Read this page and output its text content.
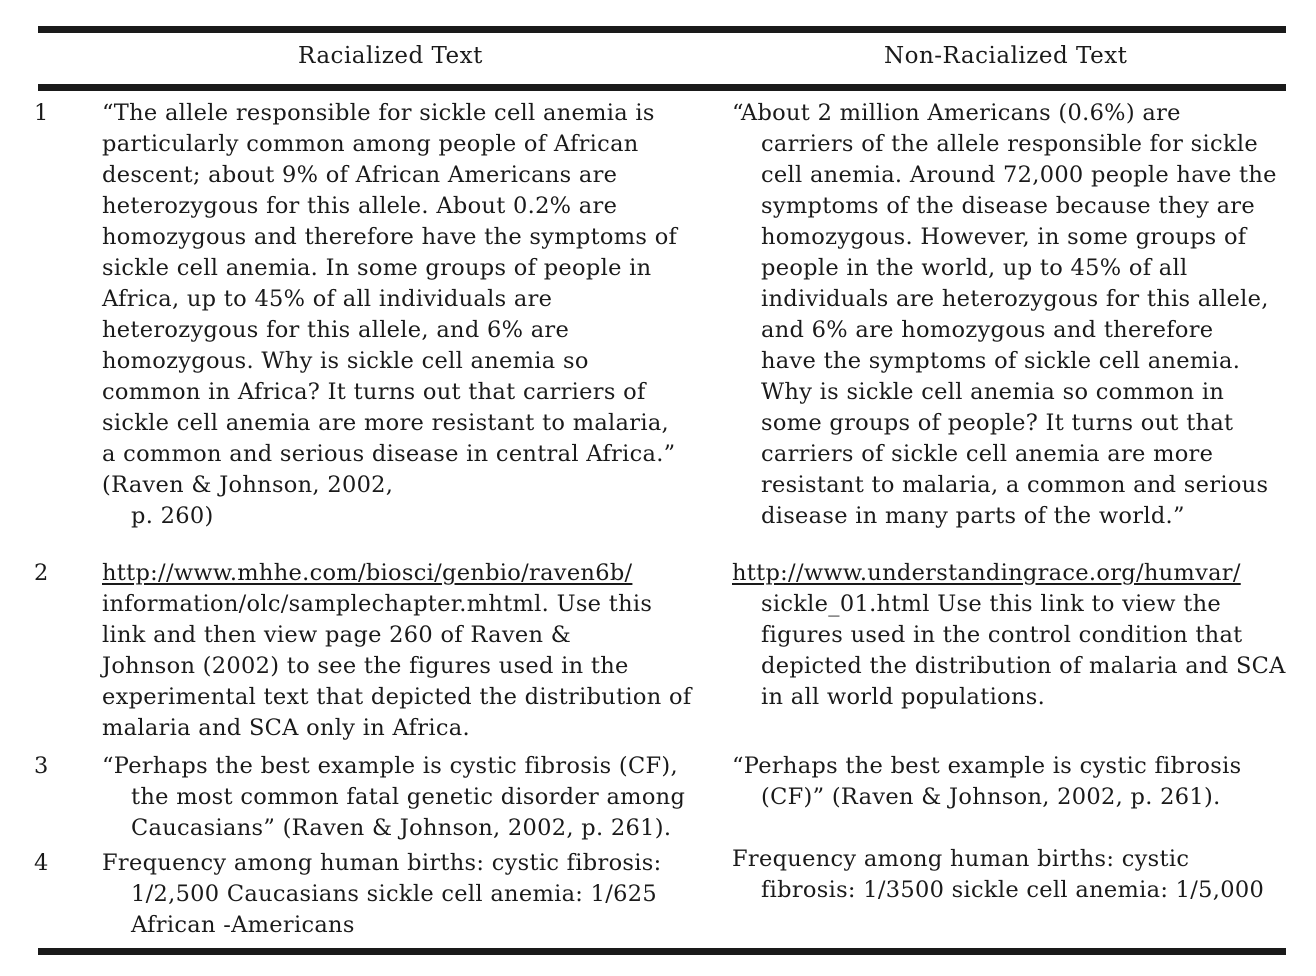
Racialized Text	Non-Racialized Text
1 “The allele responsible for sickle cell anemia is
particularly common among people of African
descent; about 9% of African Americans are
heterozygous for this allele. About 0.2% are
homozygous and therefore have the symptoms of
sickle cell anemia. In some groups of people in
Africa, up to 45% of all individuals are
heterozygous for this allele, and 6% are
homozygous. Why is sickle cell anemia so
common in Africa? It turns out that carriers of
sickle cell anemia are more resistant to malaria,
a common and serious disease in central Africa.”
(Raven & Johnson, 2002,
p. 260)
“About 2 million Americans (0.6%) are
carriers of the allele responsible for sickle
cell anemia. Around 72,000 people have the
symptoms of the disease because they are
homozygous. However, in some groups of
people in the world, up to 45% of all
individuals are heterozygous for this allele,
and 6% are homozygous and therefore
have the symptoms of sickle cell anemia.
Why is sickle cell anemia so common in
some groups of people? It turns out that
carriers of sickle cell anemia are more
resistant to malaria, a common and serious
disease in many parts of the world.”
2 http://www.mhhe.com/biosci/genbio/raven6b/
information/olc/samplechapter.mhtml. Use this
link and then view page 260 of Raven &
Johnson (2002) to see the figures used in the
experimental text that depicted the distribution of
malaria and SCA only in Africa.
http://www.understandingrace.org/humvar/
sickle_01.html Use this link to view the
figures used in the control condition that
depicted the distribution of malaria and SCA
in all world populations.
3 “Perhaps the best example is cystic fibrosis (CF),
the most common fatal genetic disorder among
Caucasians” (Raven & Johnson, 2002, p. 261).
“Perhaps the best example is cystic fibrosis
(CF)” (Raven & Johnson, 2002, p. 261).
4 Frequency among human births: cystic fibrosis:
1/2,500 Caucasians sickle cell anemia: 1/625
African -Americans
Frequency among human births: cystic
fibrosis: 1/3500 sickle cell anemia: 1/5,000
